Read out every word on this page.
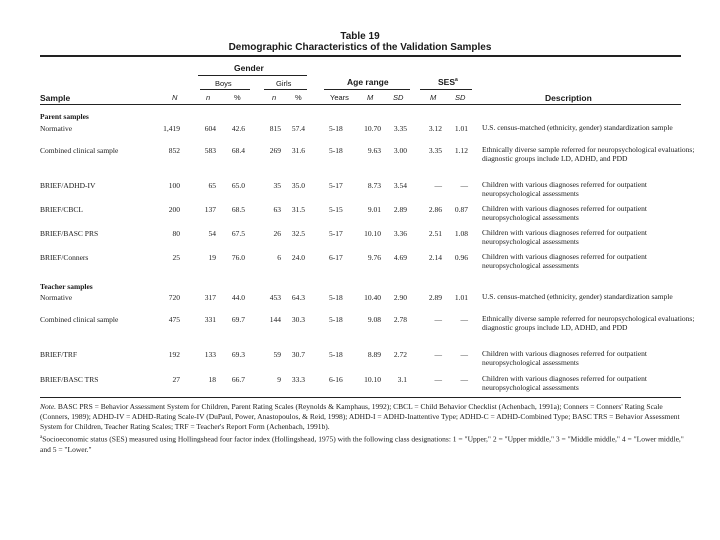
Table 19
Demographic Characteristics of the Validation Samples
Gender
Boys	Girls	Age range	SES$^a$
Sample	N	n	%	n	%	Years M	SD	M	SD	Description
Parent samples
Normative	1,419	604	42.6	815	57.4	5-18	10.70	3.35	3.12	1.01 U.S. census-matched (ethnicity, gender) standardization sample
Combined clinical sample	852	583	68.4	269	31.6	5-18	9.63	3.00	3.35	1.12 Ethnically diverse sample referred for neuropsychological evaluations; diagnostic groups include LD, ADHD, and PDD
BRIEF/ADHD-IV	100	65	65.0	35	35.0	5-17	8.73	3.54	—	— Children with various diagnoses referred for outpatient neuropsychological assessments
BRIEF/CBCL	200	137	68.5	63	31.5	5-15	9.01	2.89	2.86	0.87 Children with various diagnoses referred for outpatient neuropsychological assessments
BRIEF/BASC PRS	80	54	67.5	26	32.5	5-17	10.10	3.36	2.51	1.08 Children with various diagnoses referred for outpatient neuropsychological assessments
BRIEF/Conners	25	19	76.0	6	24.0	6-17	9.76	4.69	2.14	0.96 Children with various diagnoses referred for outpatient neuropsychological assessments
Teacher samples
Normative	720	317	44.0	453	64.3	5-18	10.40	2.90	2.89	1.01 U.S. census-matched (ethnicity, gender) standardization sample
Combined clinical sample	475	331	69.7	144	30.3	5-18	9.08	2.78	—	— Ethnically diverse sample referred for neuropsychological evaluations; diagnostic groups include LD, ADHD, and PDD
BRIEF/TRF	192	133	69.3	59	30.7	5-18	8.89	2.72	—	— Children with various diagnoses referred for outpatient neuropsychological assessments
BRIEF/BASC TRS	27	18	66.7	9	33.3	6-16	10.10	3.1	—	— Children with various diagnoses referred for outpatient neuropsychological assessments

Note. BASC PRS = Behavior Assessment System for Children, Parent Rating Scales (Reynolds & Kamphaus, 1992); CBCL = Child Behavior Checklist (Achenbach, 1991a); Conners = Conners' Rating Scale (Conners, 1989); ADHD-IV = ADHD-Rating Scale-IV (DuPaul, Power, Anastopoulos, & Reid, 1998); ADHD-I = ADHD-Inattentive Type; ADHD-C = ADHD-Combined Type; BASC TRS = Behavior Assessment System for Children, Teacher Rating Scales; TRF = Teacher's Report Form (Achenbach, 1991b).

$^a$Socioeconomic status (SES) measured using Hollingshead four factor index (Hollingshead, 1975) with the following class designations: 1 = "Upper," 2 = "Upper middle," 3 = "Middle middle," 4 = "Lower middle," and 5 = "Lower."
